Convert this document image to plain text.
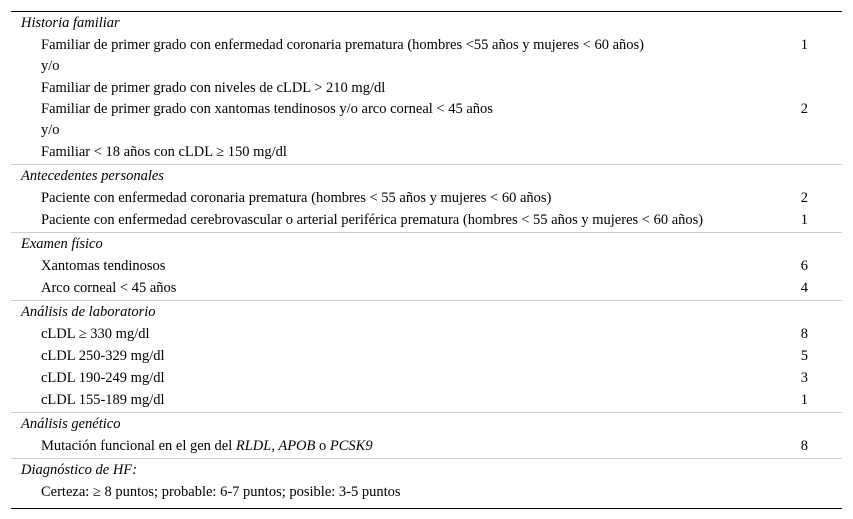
Historia familiar
Familiar de primer grado con enfermedad coronaria prematura (hombres <55 años y mujeres < 60 años)	1
y/o
Familiar de primer grado con niveles de cLDL > 210 mg/dl
Familiar de primer grado con xantomas tendinosos y/o arco corneal < 45 años	2
y/o
Familiar < 18 años con cLDL ≥ 150 mg/dl
Antecedentes personales
Paciente con enfermedad coronaria prematura (hombres < 55 años y mujeres < 60 años)	2
Paciente con enfermedad cerebrovascular o arterial periférica prematura (hombres < 55 años y mujeres < 60 años)	1
Examen físico
Xantomas tendinosos	6
Arco corneal < 45 años	4
Análisis de laboratorio
cLDL ≥ 330 mg/dl	8
cLDL 250-329 mg/dl	5
cLDL 190-249 mg/dl	3
cLDL 155-189 mg/dl	1
Análisis genético
Mutación funcional en el gen del RLDL, APOB o PCSK9	8
Diagnóstico de HF:
Certeza: ≥ 8 puntos; probable: 6-7 puntos; posible: 3-5 puntos
